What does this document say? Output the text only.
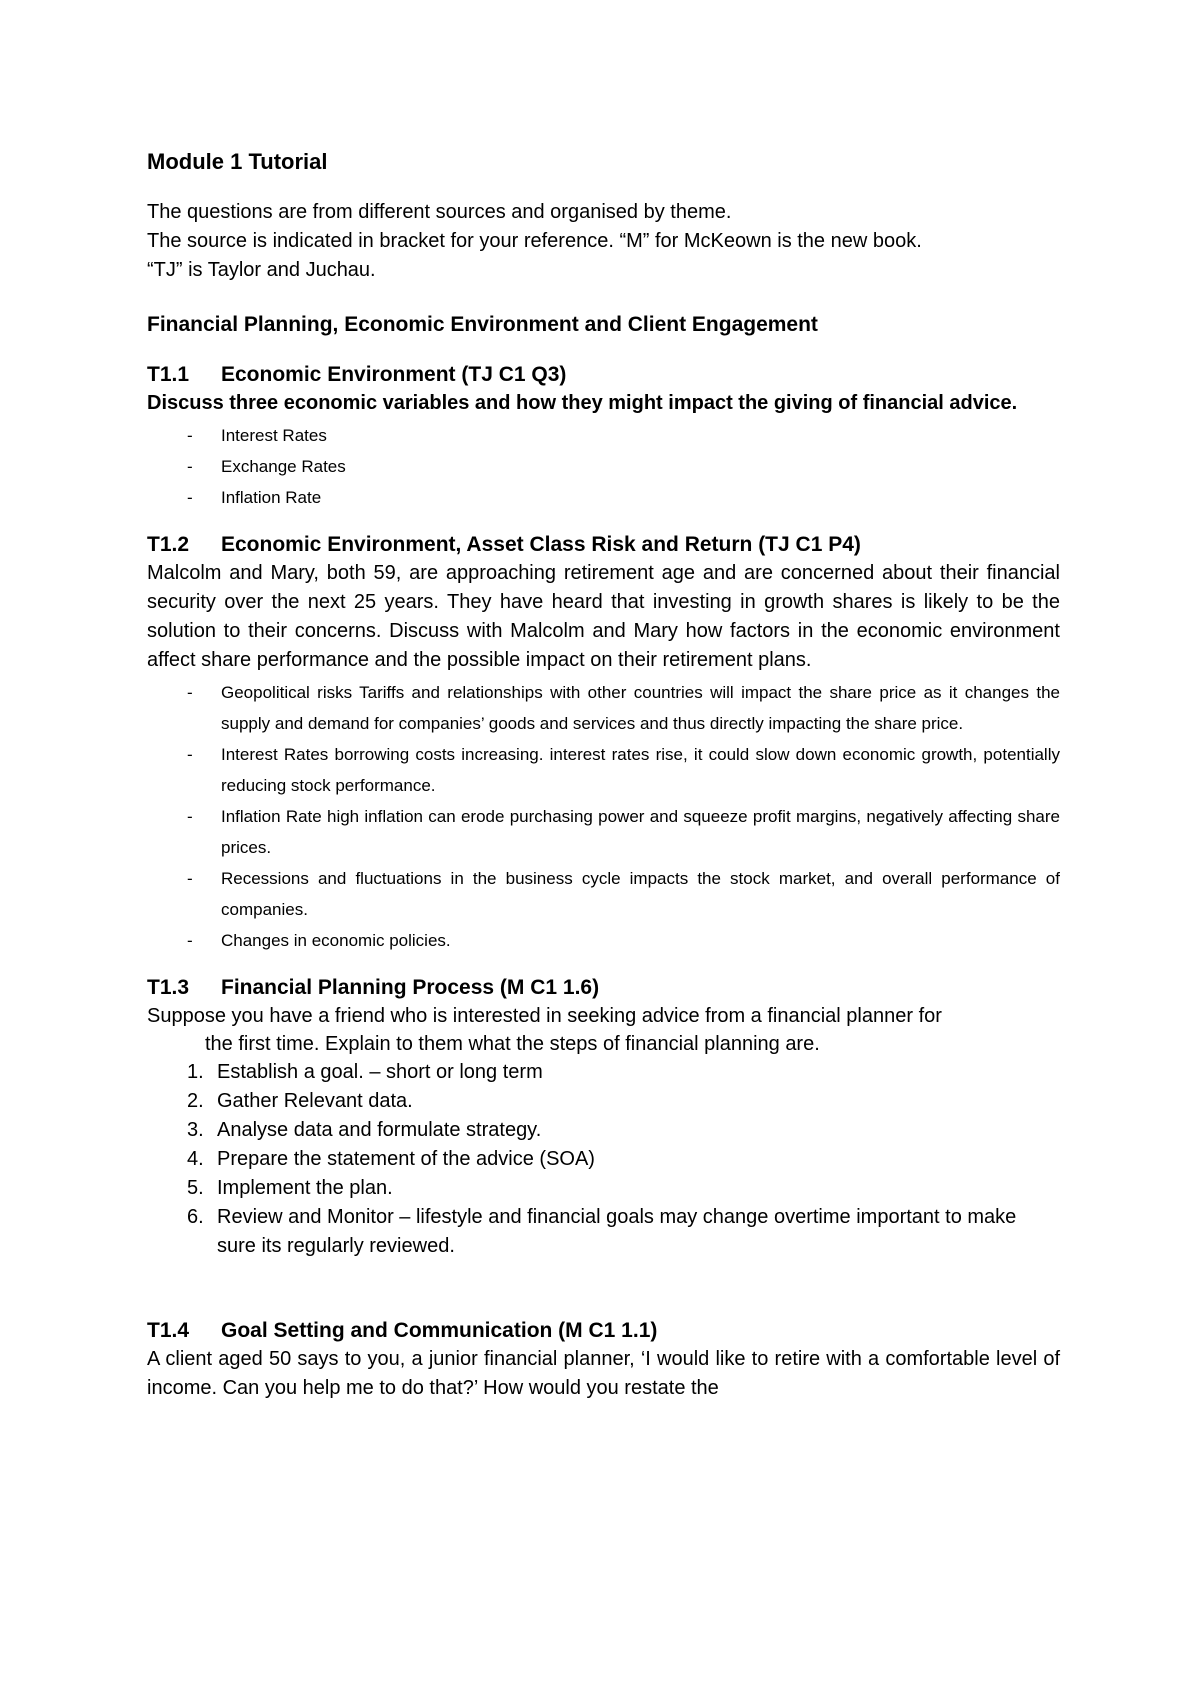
Module 1 Tutorial

The questions are from different sources and organised by theme.

The source is indicated in bracket for your reference. “M” for McKeown is the new book.

“TJ” is Taylor and Juchau.

Financial Planning, Economic Environment and Client Engagement
T1.1	Economic Environment (TJ C1 Q3)

Discuss three economic variables and how they might impact the giving of financial advice.

- Interest Rates
- Exchange Rates
- Inflation Rate
T1.2	Economic Environment, Asset Class Risk and Return (TJ C1 P4)

Malcolm and Mary, both 59, are approaching retirement age and are concerned about their financial security over the next 25 years. They have heard that investing in growth shares is likely to be the solution to their concerns. Discuss with Malcolm and Mary how factors in the economic environment affect share performance and the possible impact on their retirement plans.

- Geopolitical risks Tariffs and relationships with other countries will impact the share price as it changes the supply and demand for companies’ goods and services and thus directly impacting the share price.
- Interest Rates borrowing costs increasing. interest rates rise, it could slow down economic growth, potentially reducing stock performance.
- Inflation Rate high inflation can erode purchasing power and squeeze profit margins, negatively affecting share prices.
- Recessions and fluctuations in the business cycle impacts the stock market, and overall performance of companies.
- Changes in economic policies.
T1.3	Financial Planning Process (M C1 1.6)

Suppose you have a friend who is interested in seeking advice from a financial planner for
the first time. Explain to them what the steps of financial planning are.

1. Establish a goal. – short or long term
2. Gather Relevant data.
3. Analyse data and formulate strategy.
4. Prepare the statement of the advice (SOA)
5. Implement the plan.
6. Review and Monitor – lifestyle and financial goals may change overtime important to make sure its regularly reviewed.
T1.4	Goal Setting and Communication (M C1 1.1)

A client aged 50 says to you, a junior financial planner, ‘I would like to retire with a comfortable level of income. Can you help me to do that?’ How would you restate the
